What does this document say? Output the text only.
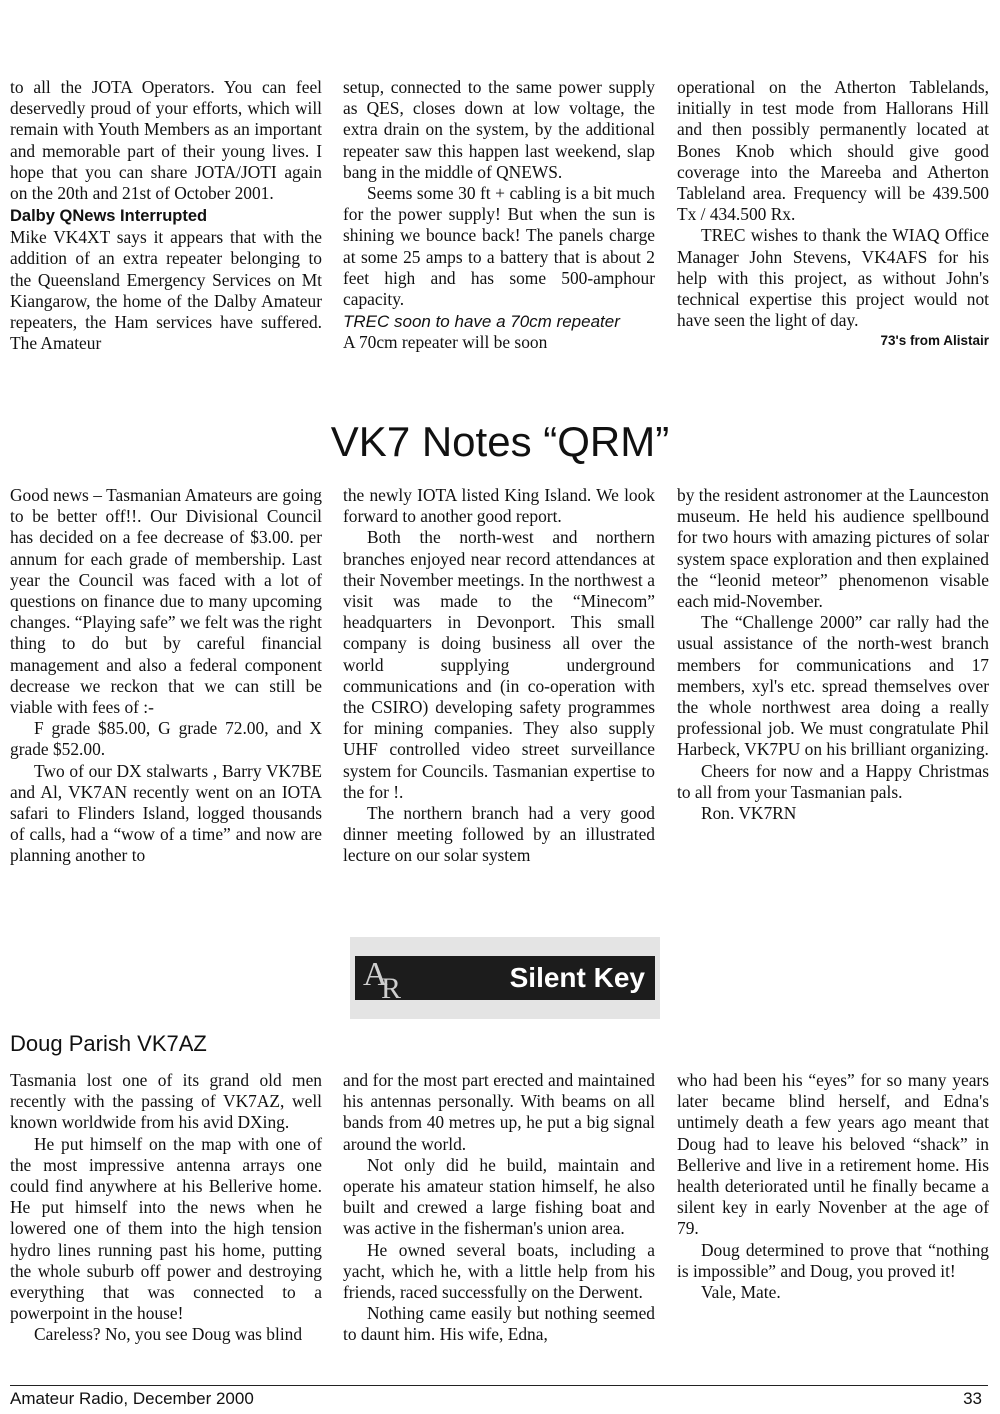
to all the JOTA Operators. You can feel deservedly proud of your efforts, which will remain with Youth Members as an important and memorable part of their young lives. I hope that you can share JOTA/JOTI again on the 20th and 21st of October 2001.

Dalby QNews Interrupted

Mike VK4XT says it appears that with the addition of an extra repeater belonging to the Queensland Emergency Services on Mt Kiangarow, the home of the Dalby Amateur repeaters, the Ham services have suffered. The Amateur

setup, connected to the same power supply as QES, closes down at low voltage, the extra drain on the system, by the additional repeater saw this happen last weekend, slap bang in the middle of QNEWS.

Seems some 30 ft + cabling is a bit much for the power supply! But when the sun is shining we bounce back! The panels charge at some 25 amps to a battery that is about 2 feet high and has some 500-amphour capacity.

TREC soon to have a 70cm repeater

A 70cm repeater will be soon

operational on the Atherton Tablelands, initially in test mode from Hallorans Hill and then possibly permanently located at Bones Knob which should give good coverage into the Mareeba and Atherton Tableland area. Frequency will be 439.500 Tx / 434.500 Rx.

TREC wishes to thank the WIAQ Office Manager John Stevens, VK4AFS for his help with this project, as without John's technical expertise this project would not have seen the light of day.

73's from Alistair
VK7 Notes “QRM”

Good news – Tasmanian Amateurs are going to be better off!!. Our Divisional Council has decided on a fee decrease of $3.00. per annum for each grade of membership. Last year the Council was faced with a lot of questions on finance due to many upcoming changes. “Playing safe” we felt was the right thing to do but by careful financial management and also a federal component decrease we reckon that we can still be viable with fees of :-

F grade $85.00, G grade 72.00, and X grade $52.00.

Two of our DX stalwarts , Barry VK7BE and Al, VK7AN recently went on an IOTA safari to Flinders Island, logged thousands of calls, had a “wow of a time” and now are planning another to

the newly IOTA listed King Island. We look forward to another good report.

Both the north-west and northern branches enjoyed near record attendances at their November meetings. In the northwest a visit was made to the “Minecom” headquarters in Devonport. This small company is doing business all over the world supplying underground communications and (in co-operation with the CSIRO) developing safety programmes for mining companies. They also supply UHF controlled video street surveillance system for Councils. Tasmanian expertise to the for !.

The northern branch had a very good dinner meeting followed by an illustrated lecture on our solar system

by the resident astronomer at the Launceston museum. He held his audience spellbound for two hours with amazing pictures of solar system space exploration and then explained the “leonid meteor” phenomenon visable each mid-November.

The “Challenge 2000” car rally had the usual assistance of the north-west branch members for communications and 17 members, xyl's etc. spread themselves over the whole northwest area doing a really professional job. We must congratulate Phil Harbeck, VK7PU on his brilliant organizing.

Cheers for now and a Happy Christmas to all from your Tasmanian pals.

Ron. VK7RN

A
R	Silent Key
Doug Parish VK7AZ

Tasmania lost one of its grand old men recently with the passing of VK7AZ, well known worldwide from his avid DXing.

He put himself on the map with one of the most impressive antenna arrays one could find anywhere at his Bellerive home. He put himself into the news when he lowered one of them into the high tension hydro lines running past his home, putting the whole suburb off power and destroying everything that was connected to a powerpoint in the house!

Careless? No, you see Doug was blind

and for the most part erected and maintained his antennas personally. With beams on all bands from 40 metres up, he put a big signal around the world.

Not only did he build, maintain and operate his amateur station himself, he also built and crewed a large fishing boat and was active in the fisherman's union area.

He owned several boats, including a yacht, which he, with a little help from his friends, raced successfully on the Derwent.

Nothing came easily but nothing seemed to daunt him. His wife, Edna,

who had been his “eyes” for so many years later became blind herself, and Edna's untimely death a few years ago meant that Doug had to leave his beloved “shack” in Bellerive and live in a retirement home. His health deteriorated until he finally became a silent key in early Novenber at the age of 79.

Doug determined to prove that “nothing is impossible” and Doug, you proved it!

Vale, Mate.

Amateur Radio, December 2000	33
